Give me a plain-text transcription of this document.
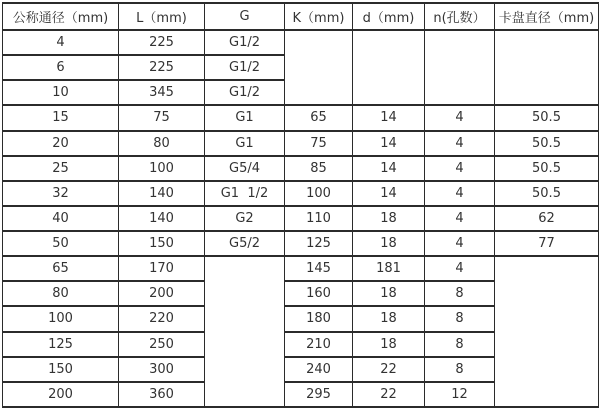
公称通径（mm)	L（mm)	G	K（mm)	d（mm)	n(孔数）	卡盘直径（mm)
4	225	G1/2				
6	225	G1/2				
10	345	G1/2				
15	75	G1	65	14	4	50.5
20	80	G1	75	14	4	50.5
25	100	G5/4	85	14	4	50.5
32	140	G1  1/2	100	14	4	50.5
40	140	G2	110	18	4	62
50	150	G5/2	125	18	4	77
65	170		145	181	4	
80	200		160	18	8	
100	220		180	18	8	
125	250		210	18	8	
150	300		240	22	8	
200	360		295	22	12	
